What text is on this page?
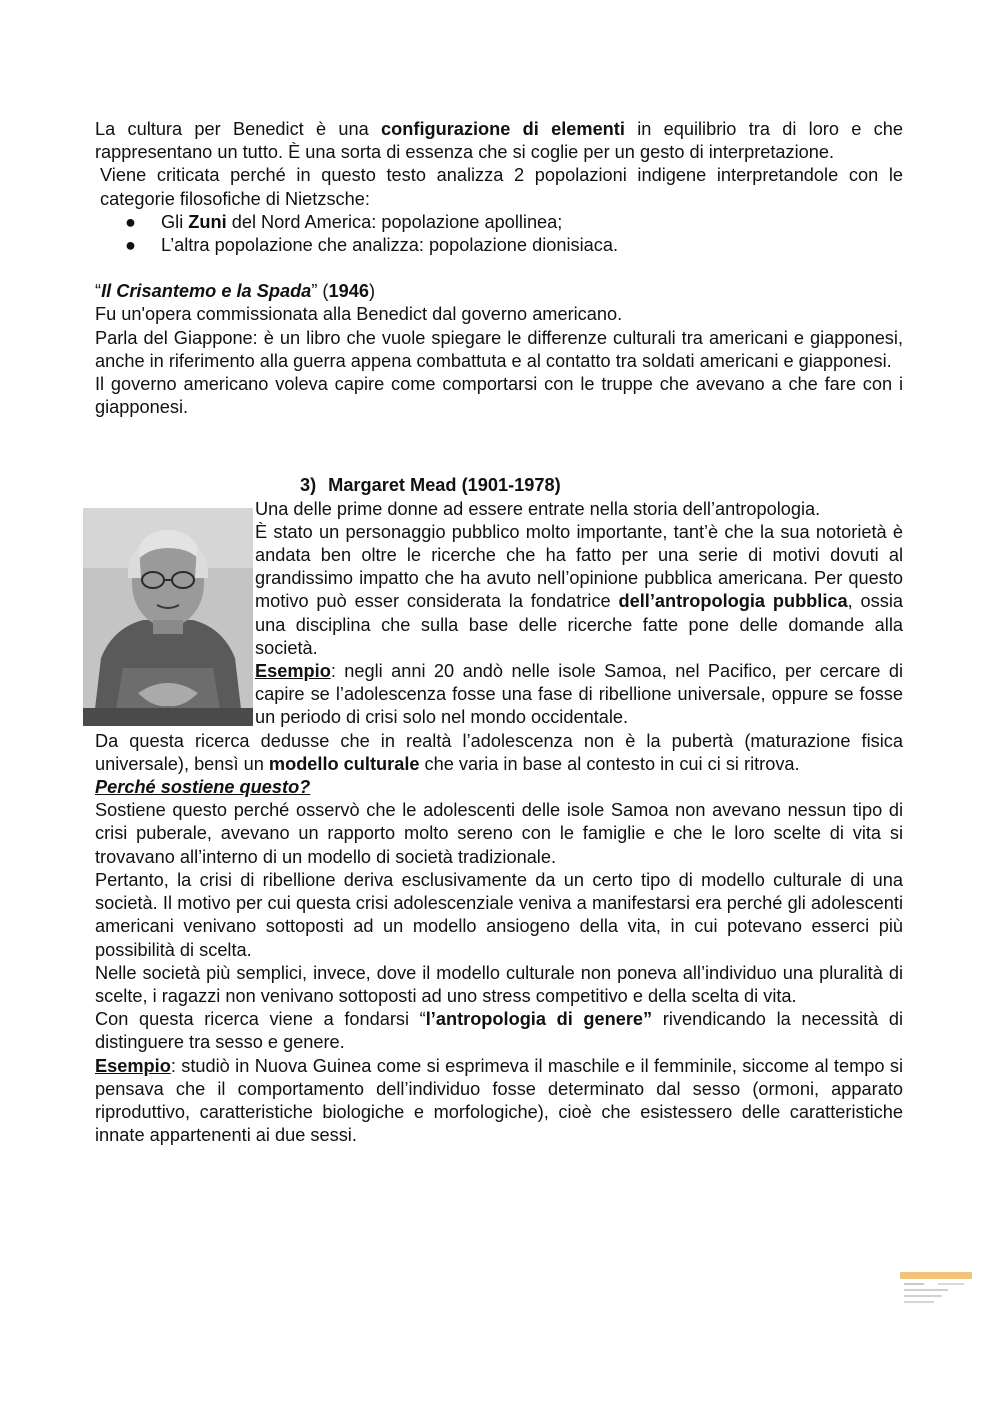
La cultura per Benedict è una configurazione di elementi in equilibrio tra di loro e che rappresentano un tutto. È una sorta di essenza che si coglie per un gesto di interpretazione.

Viene criticata perché in questo testo analizza 2 popolazioni indigene interpretandole con le categorie filosofiche di Nietzsche:

● Gli Zuni del Nord America: popolazione apollinea;
● L’altra popolazione che analizza: popolazione dionisiaca.

“Il Crisantemo e la Spada” (1946)

Fu un'opera commissionata alla Benedict dal governo americano.

Parla del Giappone: è un libro che vuole spiegare le differenze culturali tra americani e giapponesi, anche in riferimento alla guerra appena combattuta e al contatto tra soldati americani e giapponesi.

Il governo americano voleva capire come comportarsi con le truppe che avevano a che fare con i giapponesi.

3) Margaret Mead (1901-1978)

Una delle prime donne ad essere entrate nella storia dell’antropologia.

È stato un personaggio pubblico molto importante, tant’è che la sua notorietà è andata ben oltre le ricerche che ha fatto per una serie di motivi dovuti al grandissimo impatto che ha avuto nell’opinione pubblica americana. Per questo motivo può esser considerata la fondatrice dell’antropologia pubblica, ossia una disciplina che sulla base delle ricerche fatte pone delle domande alla società.

Esempio: negli anni 20 andò nelle isole Samoa, nel Pacifico, per cercare di capire se l’adolescenza fosse una fase di ribellione universale, oppure se fosse un periodo di crisi solo nel mondo occidentale.

Da questa ricerca dedusse che in realtà l’adolescenza non è la pubertà (maturazione fisica universale), bensì un modello culturale che varia in base al contesto in cui ci si ritrova.

Perché sostiene questo?

Sostiene questo perché osservò che le adolescenti delle isole Samoa non avevano nessun tipo di crisi puberale, avevano un rapporto molto sereno con le famiglie e che le loro scelte di vita si trovavano all’interno di un modello di società tradizionale.

Pertanto, la crisi di ribellione deriva esclusivamente da un certo tipo di modello culturale di una società. Il motivo per cui questa crisi adolescenziale veniva a manifestarsi era perché gli adolescenti americani venivano sottoposti ad un modello ansiogeno della vita, in cui potevano esserci più possibilità di scelta.

Nelle società più semplici, invece, dove il modello culturale non poneva all’individuo una pluralità di scelte, i ragazzi non venivano sottoposti ad uno stress competitivo e della scelta di vita.

Con questa ricerca viene a fondarsi “l’antropologia di genere” rivendicando la necessità di distinguere tra sesso e genere.

Esempio: studiò in Nuova Guinea come si esprimeva il maschile e il femminile, siccome al tempo si pensava che il comportamento dell’individuo fosse determinato dal sesso (ormoni, apparato riproduttivo, caratteristiche biologiche e morfologiche), cioè che esistessero delle caratteristiche innate appartenenti ai due sessi.
